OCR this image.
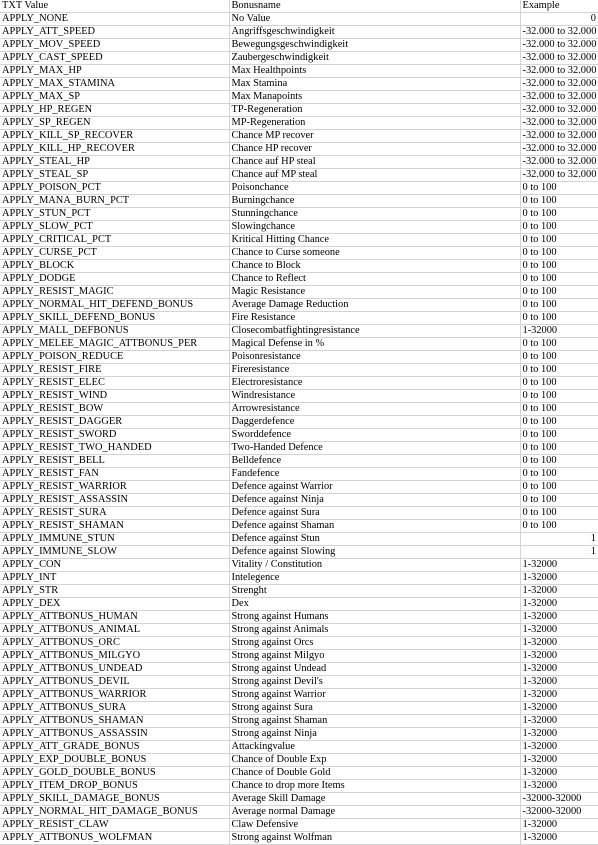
TXT Value	Bonusname	Example
APPLY_NONE	No Value	0
APPLY_ATT_SPEED	Angriffsgeschwindigkeit	-32.000 to 32.000
APPLY_MOV_SPEED	Bewegungsgeschwindigkeit	-32.000 to 32.000
APPLY_CAST_SPEED	Zaubergeschwindigkeit	-32.000 to 32.000
APPLY_MAX_HP	Max Healthpoints	-32.000 to 32.000
APPLY_MAX_STAMINA	Max Stamina	-32.000 to 32.000
APPLY_MAX_SP	Max Manapoints	-32.000 to 32.000
APPLY_HP_REGEN	TP-Regeneration	-32.000 to 32.000
APPLY_SP_REGEN	MP-Regeneration	-32.000 to 32.000
APPLY_KILL_SP_RECOVER	Chance MP recover	-32.000 to 32.000
APPLY_KILL_HP_RECOVER	Chance HP recover	-32.000 to 32.000
APPLY_STEAL_HP	Chance auf HP steal	-32.000 to 32.000
APPLY_STEAL_SP	Chance auf MP steal	-32.000 to 32.000
APPLY_POISON_PCT	Poisonchance	0 to 100
APPLY_MANA_BURN_PCT	Burningchance	0 to 100
APPLY_STUN_PCT	Stunningchance	0 to 100
APPLY_SLOW_PCT	Slowingchance	0 to 100
APPLY_CRITICAL_PCT	Kritical Hitting Chance	0 to 100
APPLY_CURSE_PCT	Chance to Curse someone	0 to 100
APPLY_BLOCK	Chance to Block	0 to 100
APPLY_DODGE	Chance to Reflect	0 to 100
APPLY_RESIST_MAGIC	Magic Resistance	0 to 100
APPLY_NORMAL_HIT_DEFEND_BONUS	Average Damage Reduction	0 to 100
APPLY_SKILL_DEFEND_BONUS	Fire Resistance	0 to 100
APPLY_MALL_DEFBONUS	Closecombatfightingresistance	1-32000
APPLY_MELEE_MAGIC_ATTBONUS_PER	Magical Defense in %	0 to 100
APPLY_POISON_REDUCE	Poisonresistance	0 to 100
APPLY_RESIST_FIRE	Fireresistance	0 to 100
APPLY_RESIST_ELEC	Electroresistance	0 to 100
APPLY_RESIST_WIND	Windresistance	0 to 100
APPLY_RESIST_BOW	Arrowresistance	0 to 100
APPLY_RESIST_DAGGER	Daggerdefence	0 to 100
APPLY_RESIST_SWORD	Sworddefence	0 to 100
APPLY_RESIST_TWO_HANDED	Two-Handed Defence	0 to 100
APPLY_RESIST_BELL	Belldefence	0 to 100
APPLY_RESIST_FAN	Fandefence	0 to 100
APPLY_RESIST_WARRIOR	Defence against Warrior	0 to 100
APPLY_RESIST_ASSASSIN	Defence against Ninja	0 to 100
APPLY_RESIST_SURA	Defence against Sura	0 to 100
APPLY_RESIST_SHAMAN	Defence against Shaman	0 to 100
APPLY_IMMUNE_STUN	Defence against Stun	1
APPLY_IMMUNE_SLOW	Defence against Slowing	1
APPLY_CON	Vitality / Constitution	1-32000
APPLY_INT	Intelegence	1-32000
APPLY_STR	Strenght	1-32000
APPLY_DEX	Dex	1-32000
APPLY_ATTBONUS_HUMAN	Strong against Humans	1-32000
APPLY_ATTBONUS_ANIMAL	Strong against Animals	1-32000
APPLY_ATTBONUS_ORC	Strong against Orcs	1-32000
APPLY_ATTBONUS_MILGYO	Strong against Milgyo	1-32000
APPLY_ATTBONUS_UNDEAD	Strong against Undead	1-32000
APPLY_ATTBONUS_DEVIL	Strong against Devil's	1-32000
APPLY_ATTBONUS_WARRIOR	Strong against Warrior	1-32000
APPLY_ATTBONUS_SURA	Strong against Sura	1-32000
APPLY_ATTBONUS_SHAMAN	Strong against Shaman	1-32000
APPLY_ATTBONUS_ASSASSIN	Strong against Ninja	1-32000
APPLY_ATT_GRADE_BONUS	Attackingvalue	1-32000
APPLY_EXP_DOUBLE_BONUS	Chance of Double Exp	1-32000
APPLY_GOLD_DOUBLE_BONUS	Chance of Double Gold	1-32000
APPLY_ITEM_DROP_BONUS	Chance to drop more Items	1-32000
APPLY_SKILL_DAMAGE_BONUS	Average Skill Damage	-32000-32000
APPLY_NORMAL_HIT_DAMAGE_BONUS	Average normal Damage	-32000-32000
APPLY_RESIST_CLAW	Claw Defensive	1-32000
APPLY_ATTBONUS_WOLFMAN	Strong against Wolfman	1-32000
